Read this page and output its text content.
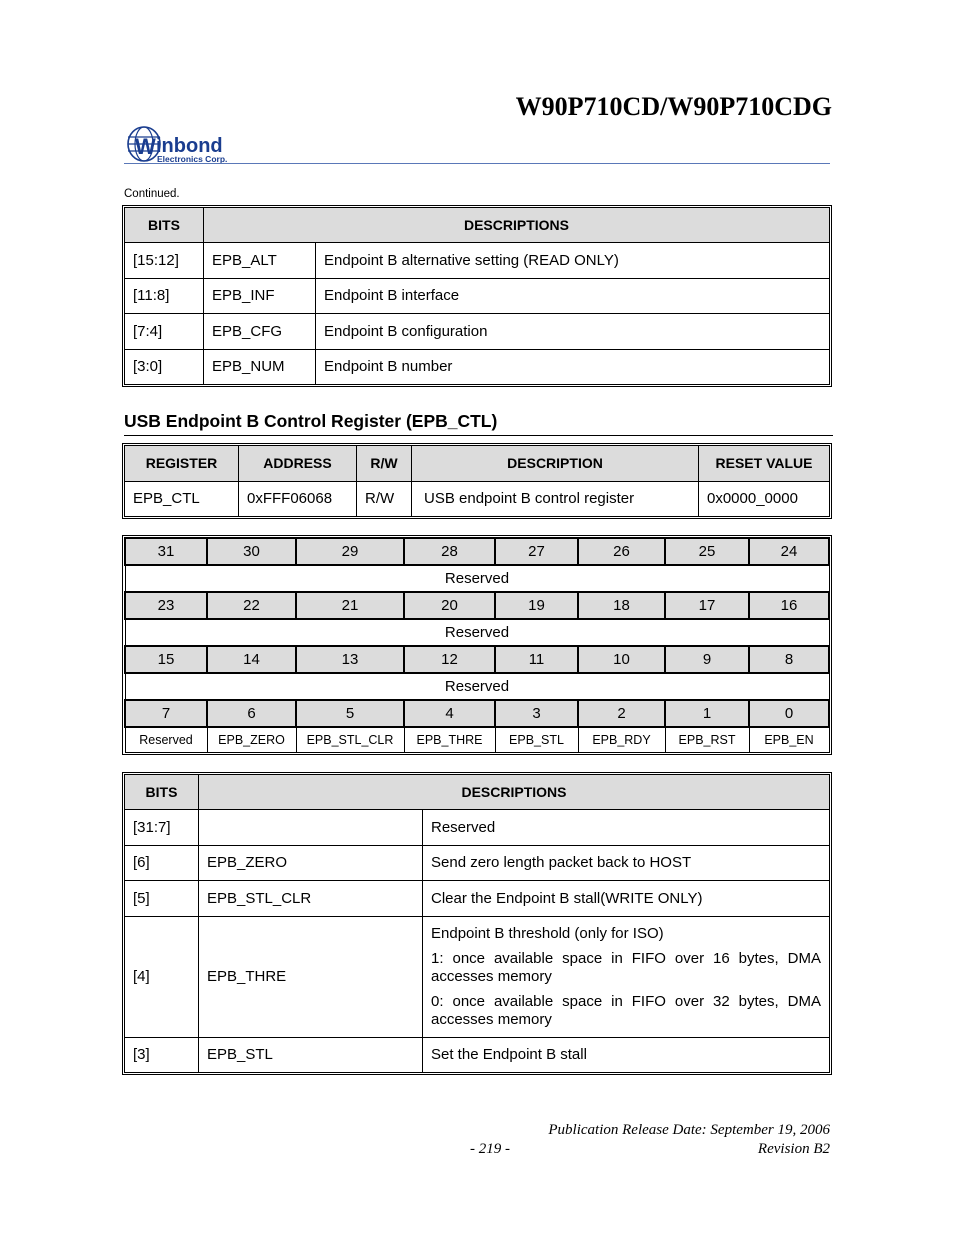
W90P710CD/W90P710CDG
W inbond
Electronics Corp.
Continued.
BITS	DESCRIPTIONS	
[15:12]	EPB_ALT	Endpoint B alternative setting (READ ONLY)
[11:8]	EPB_INF	Endpoint B interface
[7:4]	EPB_CFG	Endpoint B configuration
[3:0]	EPB_NUM	Endpoint B number
USB Endpoint B Control Register (EPB_CTL)
REGISTER	ADDRESS	R/W	DESCRIPTION	RESET VALUE
EPB_CTL	0xFFF06068	R/W	USB endpoint B control register	0x0000_0000
31	30	29	28	27	26	25	24
Reserved							
23	22	21	20	19	18	17	16
Reserved							
15	14	13	12	11	10	9	8
Reserved							
7	6	5	4	3	2	1	0
Reserved	EPB_ZERO	EPB_STL_CLR	EPB_THRE	EPB_STL	EPB_RDY	EPB_RST	EPB_EN
BITS	DESCRIPTIONS	
[31:7]		Reserved
[6]	EPB_ZERO	Send zero length packet back to HOST
[5]	EPB_STL_CLR	Clear the Endpoint B stall(WRITE ONLY)
[4]	EPB_THRE	Endpoint B threshold (only for ISO)

1: once available space in FIFO over 16 bytes, DMA accesses memory

0: once available space in FIFO over 32 bytes, DMA accesses memory

[3]	EPB_STL	Set the Endpoint B stall
Publication Release Date: September 19, 2006
- 219 -	Revision B2
